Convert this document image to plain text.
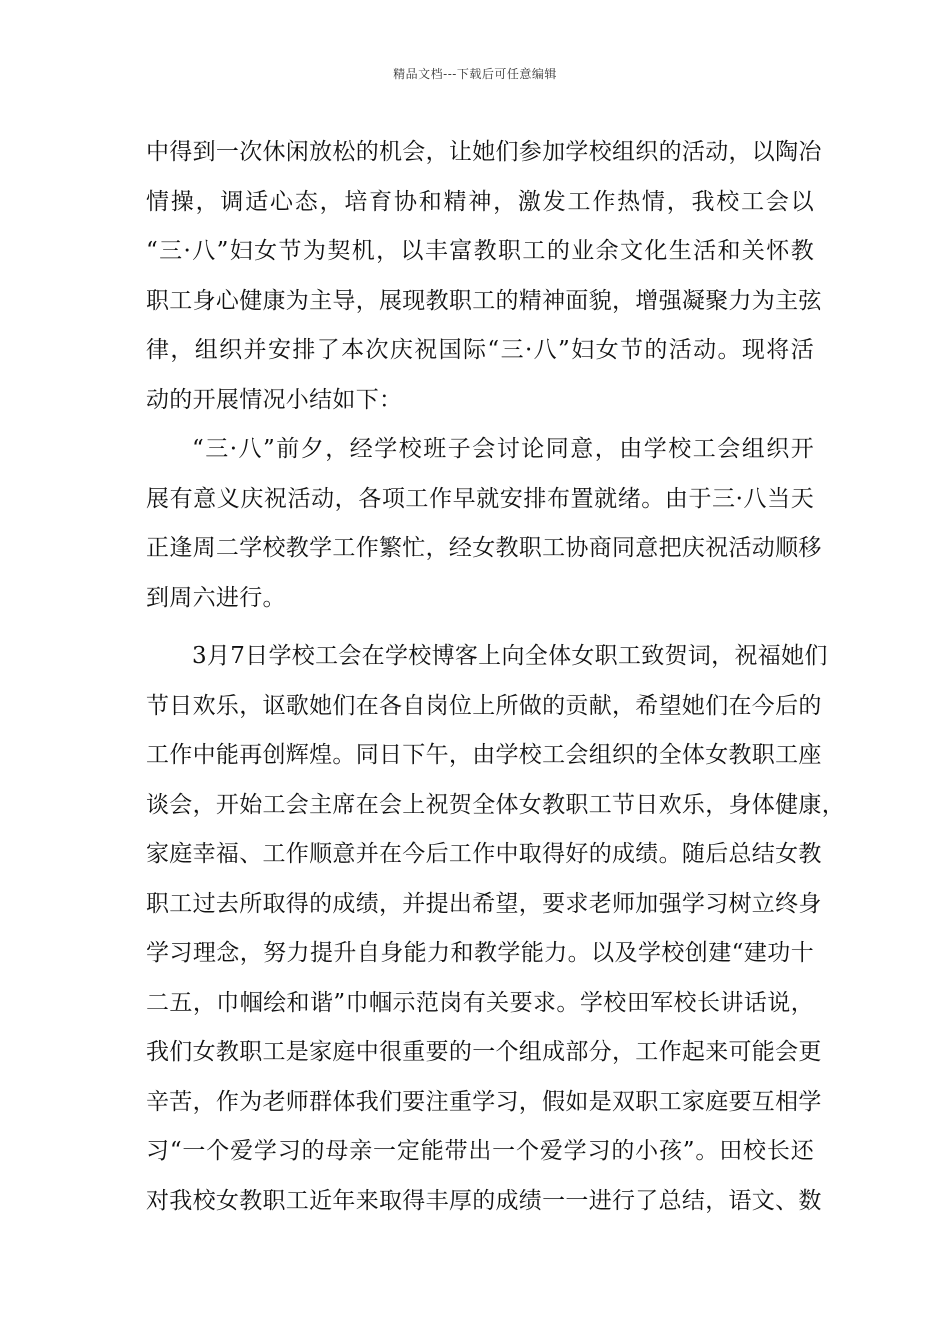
精品文档---下载后可任意编辑
中得到一次休闲放松的机会，让她们参加学校组织的活动，以陶冶
情操，调适心态，培育协和精神，激发工作热情，我校工会以
“三·八”妇女节为契机，以丰富教职工的业余文化生活和关怀教
职工身心健康为主导，展现教职工的精神面貌，增强凝聚力为主弦
律，组织并安排了本次庆祝国际“三·八”妇女节的活动。现将活
动的开展情况小结如下：
“三·八”前夕，经学校班子会讨论同意，由学校工会组织开
展有意义庆祝活动，各项工作早就安排布置就绪。由于三·八当天
正逢周二学校教学工作繁忙，经女教职工协商同意把庆祝活动顺移
到周六进行。
3月7日学校工会在学校博客上向全体女职工致贺词，祝福她们
节日欢乐，讴歌她们在各自岗位上所做的贡献，希望她们在今后的
工作中能再创辉煌。同日下午，由学校工会组织的全体女教职工座
谈会，开始工会主席在会上祝贺全体女教职工节日欢乐，身体健康，
家庭幸福、工作顺意并在今后工作中取得好的成绩。随后总结女教
职工过去所取得的成绩，并提出希望，要求老师加强学习树立终身
学习理念，努力提升自身能力和教学能力。以及学校创建“建功十
二五，巾帼绘和谐”巾帼示范岗有关要求。学校田军校长讲话说，
我们女教职工是家庭中很重要的一个组成部分，工作起来可能会更
辛苦，作为老师群体我们要注重学习，假如是双职工家庭要互相学
习“一个爱学习的母亲一定能带出一个爱学习的小孩”。田校长还
对我校女教职工近年来取得丰厚的成绩一一进行了总结，语文、数
